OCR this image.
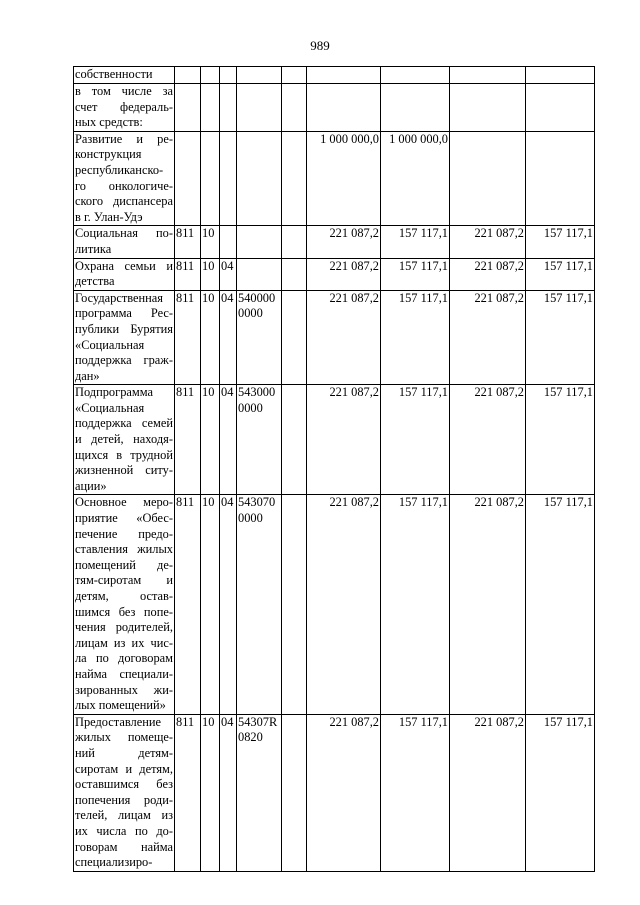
989
собственности									
в том числе за счет федераль-ных средств:									
Развитие и ре-конструкция республиканско-го онкологиче-ского диспансера в г. Улан-Удэ						1 000 000,0	1 000 000,0		
Социальная по-литика	811	10				221 087,2	157 117,1	221 087,2	157 117,1
Охрана семьи и детства	811	10	04			221 087,2	157 117,1	221 087,2	157 117,1
Государственная программа Рес-публики Бурятия «Социальная поддержка граж-дан»	811	10	04	540000 0000		221 087,2	157 117,1	221 087,2	157 117,1
Подпрограмма «Социальная поддержка семей и детей, находя-щихся в трудной жизненной ситу-ации»	811	10	04	543000 0000		221 087,2	157 117,1	221 087,2	157 117,1
Основное меро-приятие «Обес-печение предо-ставления жилых помещений де-тям-сиротам и детям, остав-шимся без попе-чения родителей, лицам из их чис-ла по договорам найма специали-зированных жи-лых помещений»	811	10	04	543070 0000		221 087,2	157 117,1	221 087,2	157 117,1
Предоставление жилых помеще-ний детям-сиротам и детям, оставшимся без попечения роди-телей, лицам из их числа по до-говорам найма специализиро-	811	10	04	54307R 0820		221 087,2	157 117,1	221 087,2	157 117,1
